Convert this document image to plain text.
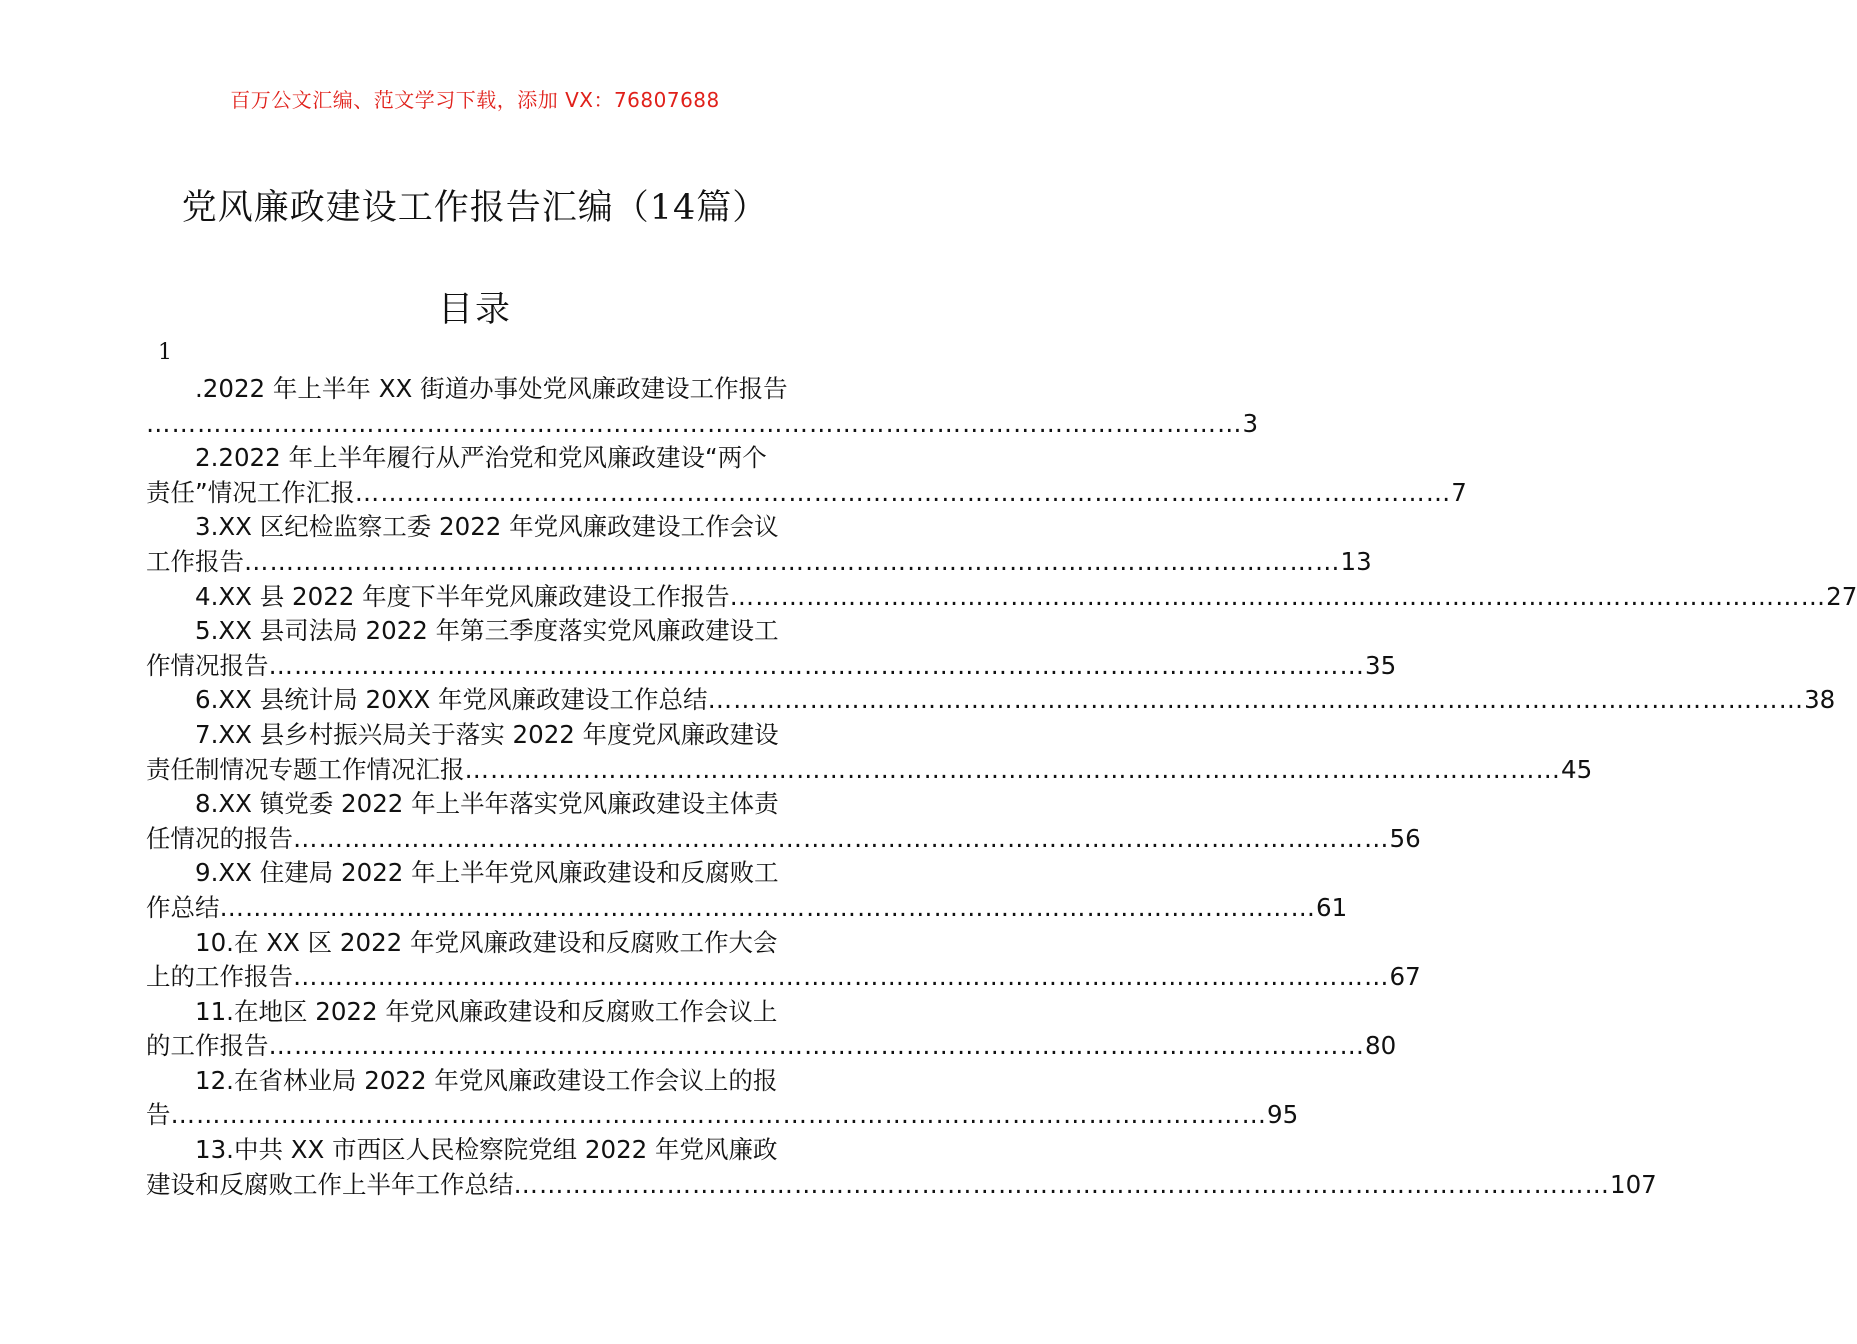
百万公文汇编、范文学习下载，添加 VX：76807688
党风廉政建设工作报告汇编（14篇）
目录
1
.2022 年上半年 XX 街道办事处党风廉政建设工作报告
………………………………………………………………………………………………………………… 3
2.2022 年上半年履行从严治党和党风廉政建设“两个
责任”情况工作汇报 ………………………………………………………………………………………………………………… 7
3.XX 区纪检监察工委 2022 年党风廉政建设工作会议
工作报告 ………………………………………………………………………………………………………………… 13
4.XX 县 2022 年度下半年党风廉政建设工作报告 ………………………………………………………………………………………………………………… 27
5.XX 县司法局 2022 年第三季度落实党风廉政建设工
作情况报告 ………………………………………………………………………………………………………………… 35
6.XX 县统计局 20XX 年党风廉政建设工作总结 ………………………………………………………………………………………………………………… 38
7.XX 县乡村振兴局关于落实 2022 年度党风廉政建设
责任制情况专题工作情况汇报 ………………………………………………………………………………………………………………… 45
8.XX 镇党委 2022 年上半年落实党风廉政建设主体责
任情况的报告 ………………………………………………………………………………………………………………… 56
9.XX 住建局 2022 年上半年党风廉政建设和反腐败工
作总结 ………………………………………………………………………………………………………………… 61
10.在 XX 区 2022 年党风廉政建设和反腐败工作大会
上的工作报告 ………………………………………………………………………………………………………………… 67
11.在地区 2022 年党风廉政建设和反腐败工作会议上
的工作报告 ………………………………………………………………………………………………………………… 80
12.在省林业局 2022 年党风廉政建设工作会议上的报
告 ………………………………………………………………………………………………………………… 95
13.中共 XX 市西区人民检察院党组 2022 年党风廉政
建设和反腐败工作上半年工作总结 ………………………………………………………………………………………………………………… 107
